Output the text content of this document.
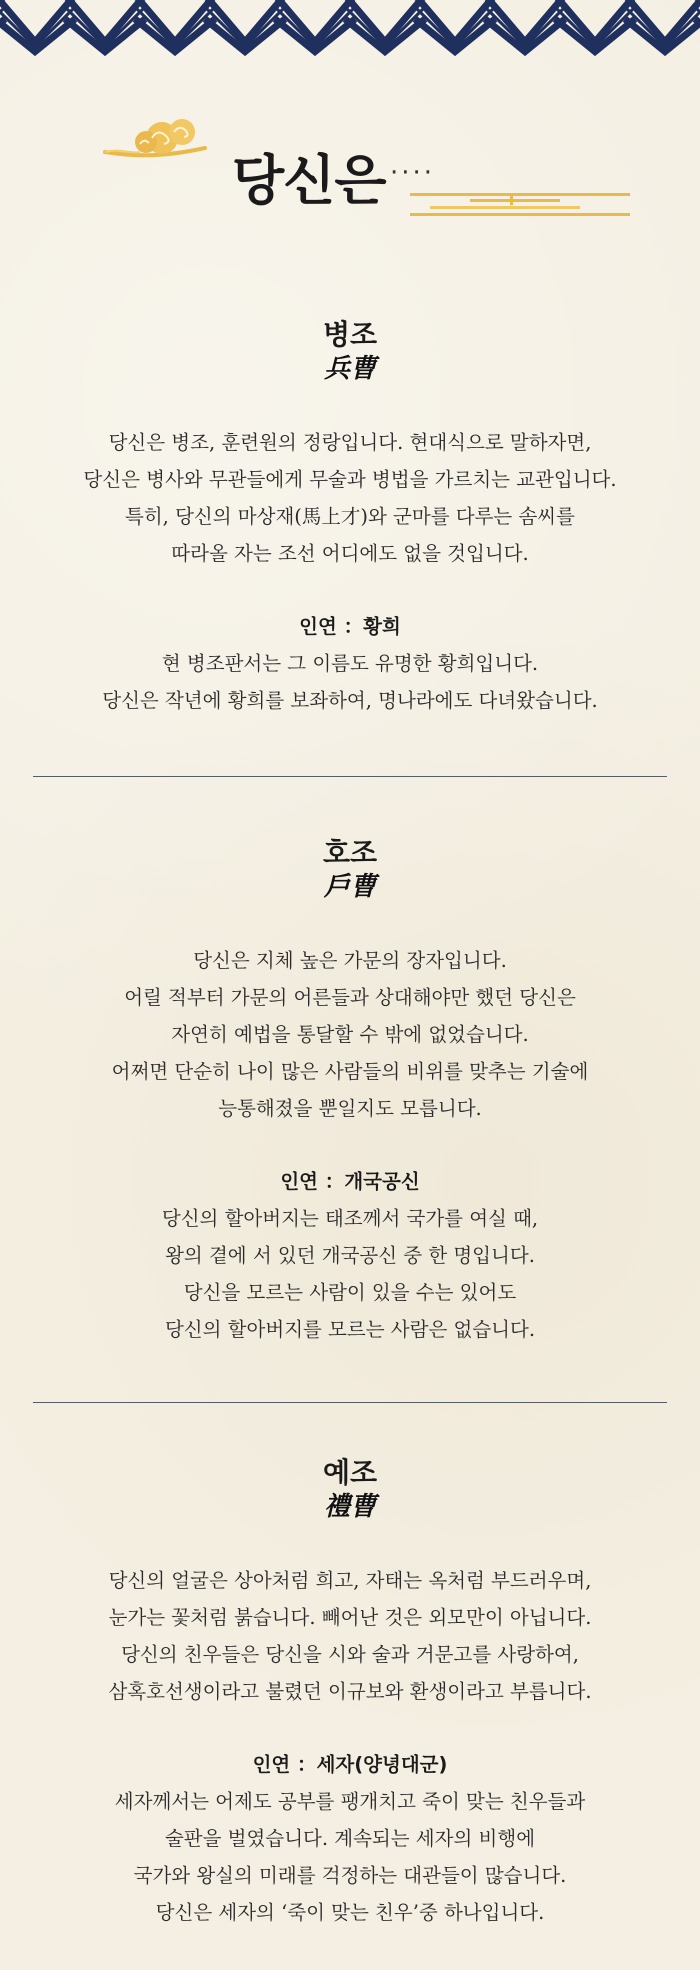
당신은 ····
병조
兵曹
당신은 병조, 훈련원의 정랑입니다. 현대식으로 말하자면,
당신은 병사와 무관들에게 무술과 병법을 가르치는 교관입니다.
특히, 당신의 마상재(馬上才)와 군마를 다루는 솜씨를
따라올 자는 조선 어디에도 없을 것입니다.
인연 ：황희
현 병조판서는 그 이름도 유명한 황희입니다.
당신은 작년에 황희를 보좌하여, 명나라에도 다녀왔습니다.
호조
戶曹
당신은 지체 높은 가문의 장자입니다.
어릴 적부터 가문의 어른들과 상대해야만 했던 당신은
자연히 예법을 통달할 수 밖에 없었습니다.
어쩌면 단순히 나이 많은 사람들의 비위를 맞추는 기술에
능통해졌을 뿐일지도 모릅니다.
인연 ：개국공신
당신의 할아버지는 태조께서 국가를 여실 때,
왕의 곁에 서 있던 개국공신 중 한 명입니다.
당신을 모르는 사람이 있을 수는 있어도
당신의 할아버지를 모르는 사람은 없습니다.
예조
禮曹
당신의 얼굴은 상아처럼 희고, 자태는 옥처럼 부드러우며,
눈가는 꽃처럼 붉습니다. 빼어난 것은 외모만이 아닙니다.
당신의 친우들은 당신을 시와 술과 거문고를 사랑하여,
삼혹호선생이라고 불렸던 이규보와 환생이라고 부릅니다.
인연 ：세자(양녕대군)
세자께서는 어제도 공부를 팽개치고 죽이 맞는 친우들과
술판을 벌였습니다. 계속되는 세자의 비행에
국가와 왕실의 미래를 걱정하는 대관들이 많습니다.
당신은 세자의 ‘죽이 맞는 친우’중 하나입니다.
